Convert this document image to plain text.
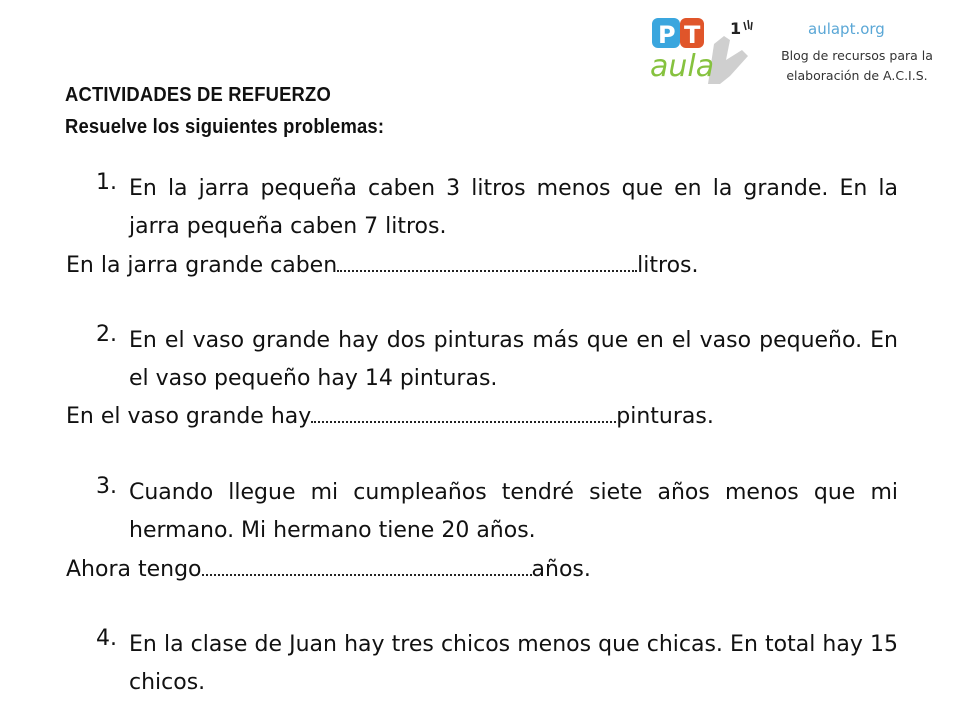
P T
aula
1	aulapt.org
Blog de recursos para la elaboración de A.C.I.S.
ACTIVIDADES DE REFUERZO
Resuelve los siguientes problemas:
1. En la jarra pequeña caben 3 litros menos que en la grande. En la jarra pequeña caben 7 litros.
En la jarra grande caben	litros.
2. En el vaso grande hay dos pinturas más que en el vaso pequeño. En el vaso pequeño hay 14 pinturas.
En el vaso grande hay	pinturas.
3. Cuando llegue mi cumpleaños tendré siete años menos que mi hermano. Mi hermano tiene 20 años.
Ahora tengo	años.
4. En la clase de Juan hay tres chicos menos que chicas. En total hay 15 chicos.
